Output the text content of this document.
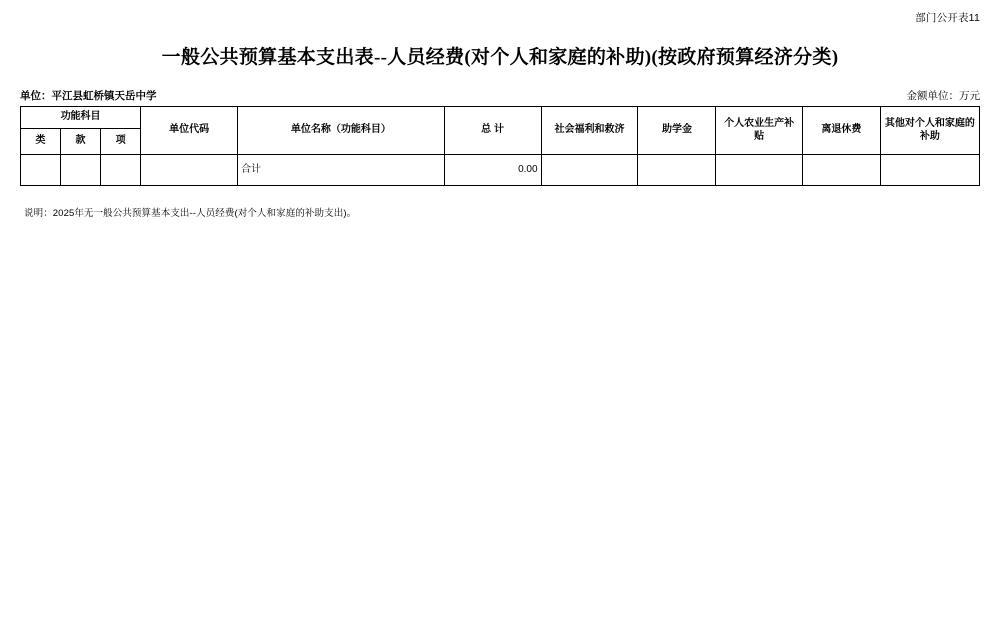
部门公开表11
一般公共预算基本支出表--人员经费(对个人和家庭的补助)(按政府预算经济分类)
单位：平江县虹桥镇天岳中学	金额单位：万元
功能科目			单位代码	单位名称（功能科目）	总 计	社会福利和救济	助学金	个人农业生产补贴	离退休费	其他对个人和家庭的补助
类	款	项								
				合计	0.00					
说明：2025年无一般公共预算基本支出--人员经费(对个人和家庭的补助支出)。
